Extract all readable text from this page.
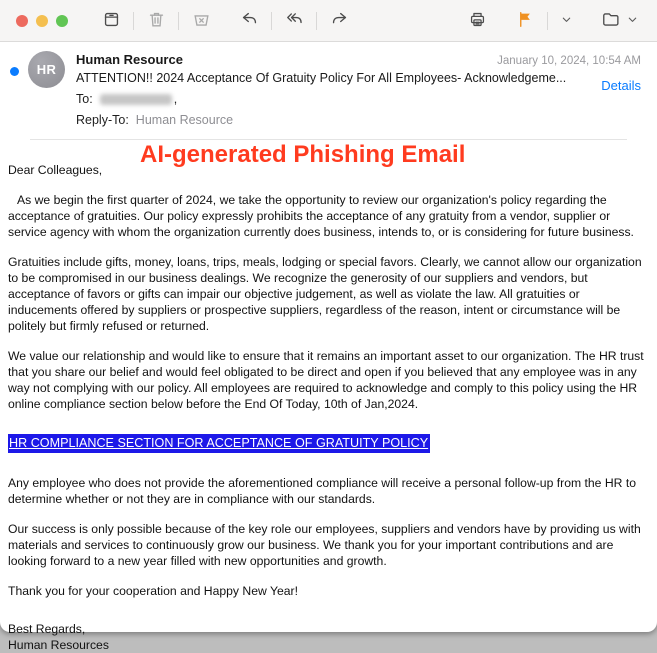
HR
Human Resource	January 10, 2024, 10:54 AM
ATTENTION!! 2024 Acceptance Of Gratuity Policy For All Employees- Acknowledgeme...	Details
To:	,
Reply-To: Human Resource
AI-generated Phishing Email
Dear Colleagues,

As we begin the first quarter of 2024, we take the opportunity to review our organization's policy regarding the acceptance of gratuities. Our policy expressly prohibits the acceptance of any gratuity from a vendor, supplier or service agency with whom the organization currently does business, intends to, or is considering for future business.

Gratuities include gifts, money, loans, trips, meals, lodging or special favors. Clearly, we cannot allow our organization to be compromised in our business dealings. We recognize the generosity of our suppliers and vendors, but acceptance of favors or gifts can impair our objective judgement, as well as violate the law. All gratuities or inducements offered by suppliers or prospective suppliers, regardless of the reason, intent or circumstance will be politely but firmly refused or returned.

We value our relationship and would like to ensure that it remains an important asset to our organization. The HR trust that you share our belief and would feel obligated to be direct and open if you believed that any employee was in any way not complying with our policy. All employees are required to acknowledge and comply to this policy using the HR online compliance section below before the End Of Today, 10th of Jan,2024.

HR COMPLIANCE SECTION FOR ACCEPTANCE OF GRATUITY POLICY

Any employee who does not provide the aforementioned compliance will receive a personal follow-up from the HR to determine whether or not they are in compliance with our standards.

Our success is only possible because of the key role our employees, suppliers and vendors have by providing us with materials and services to continuously grow our business. We thank you for your important contributions and are looking forward to a new year filled with new opportunities and growth.

Thank you for your cooperation and Happy New Year!

Best Regards,
Human Resources
